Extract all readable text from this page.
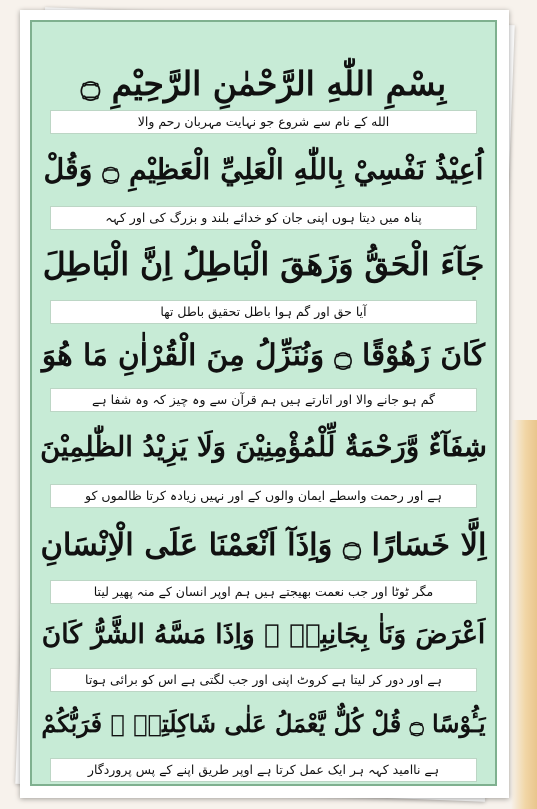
بِسْمِ اللّٰهِ الرَّحْمٰنِ الرَّحِيْمِ ۝
الله کے نام سے شروع جو نہایت مہربان رحم والا
اُعِيْذُ نَفْسِيْ بِاللّٰهِ الْعَلِيِّ الْعَظِيْمِ ۝ وَقُلْ
پناہ میں دیتا ہوں اپنی جان کو خدائے بلند و بزرگ کی اور کہہ
جَآءَ الْحَقُّ وَزَهَقَ الْبَاطِلُ اِنَّ الْبَاطِلَ
آیا حق اور گم ہوا باطل تحقیق باطل تھا
كَانَ زَهُوْقًا ۝ وَنُنَزِّلُ مِنَ الْقُرْاٰنِ مَا هُوَ
گم ہو جانے والا اور اتارتے ہیں ہم قرآن سے وہ چیز کہ وہ شفا ہے
شِفَآءٌ وَّرَحْمَةٌ لِّلْمُؤْمِنِيْنَ وَلَا يَزِيْدُ الظّٰلِمِيْنَ
ہے اور رحمت واسطے ایمان والوں کے اور نہیں زیادہ کرتا ظالموں کو
اِلَّا خَسَارًا ۝ وَاِذَآ اَنْعَمْنَا عَلَى الْاِنْسَانِ
مگر ٹوٹا اور جب نعمت بھیجتے ہیں ہم اوپر انسان کے منہ پھیر لیتا
اَعْرَضَ وَنَاٰ بِجَانِبِهٖ ۚ وَاِذَا مَسَّهُ الشَّرُّ كَانَ
ہے اور دور کر لیتا ہے کروٹ اپنی اور جب لگتی ہے اس کو برائی ہوتا
يَـُٔوْسًا ۝ قُلْ كُلٌّ يَّعْمَلُ عَلٰى شَاكِلَتِهٖ ۭ فَرَبُّكُمْ
ہے ناامید کہہ ہر ایک عمل کرتا ہے اوپر طریق اپنے کے پس پروردگار
